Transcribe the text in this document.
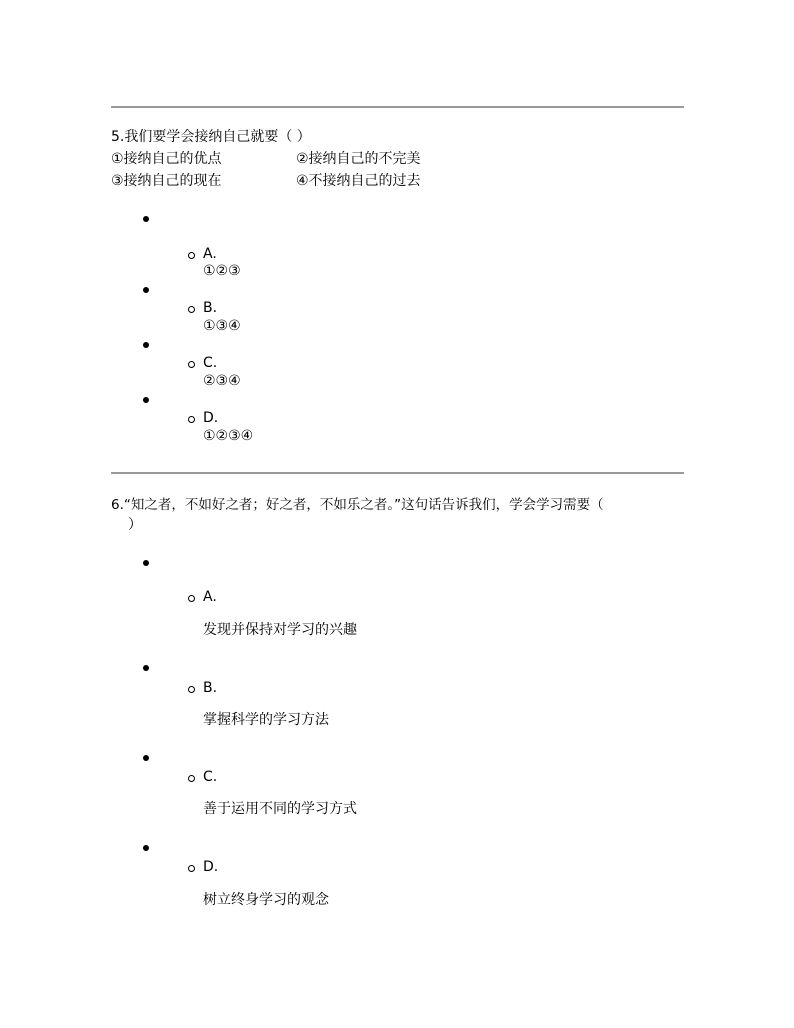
5.我们要学会接纳自己就要（ ）
①接纳自己的优点	②接纳自己的不完美
③接纳自己的现在	④不接纳自己的过去
A.
①②③
B.
①③④
C.
②③④
D.
①②③④
6.“知之者，不如好之者；好之者，不如乐之者。”这句话告诉我们，学会学习需要（
）
A.
发现并保持对学习的兴趣
B.
掌握科学的学习方法
C.
善于运用不同的学习方式
D.
树立终身学习的观念
